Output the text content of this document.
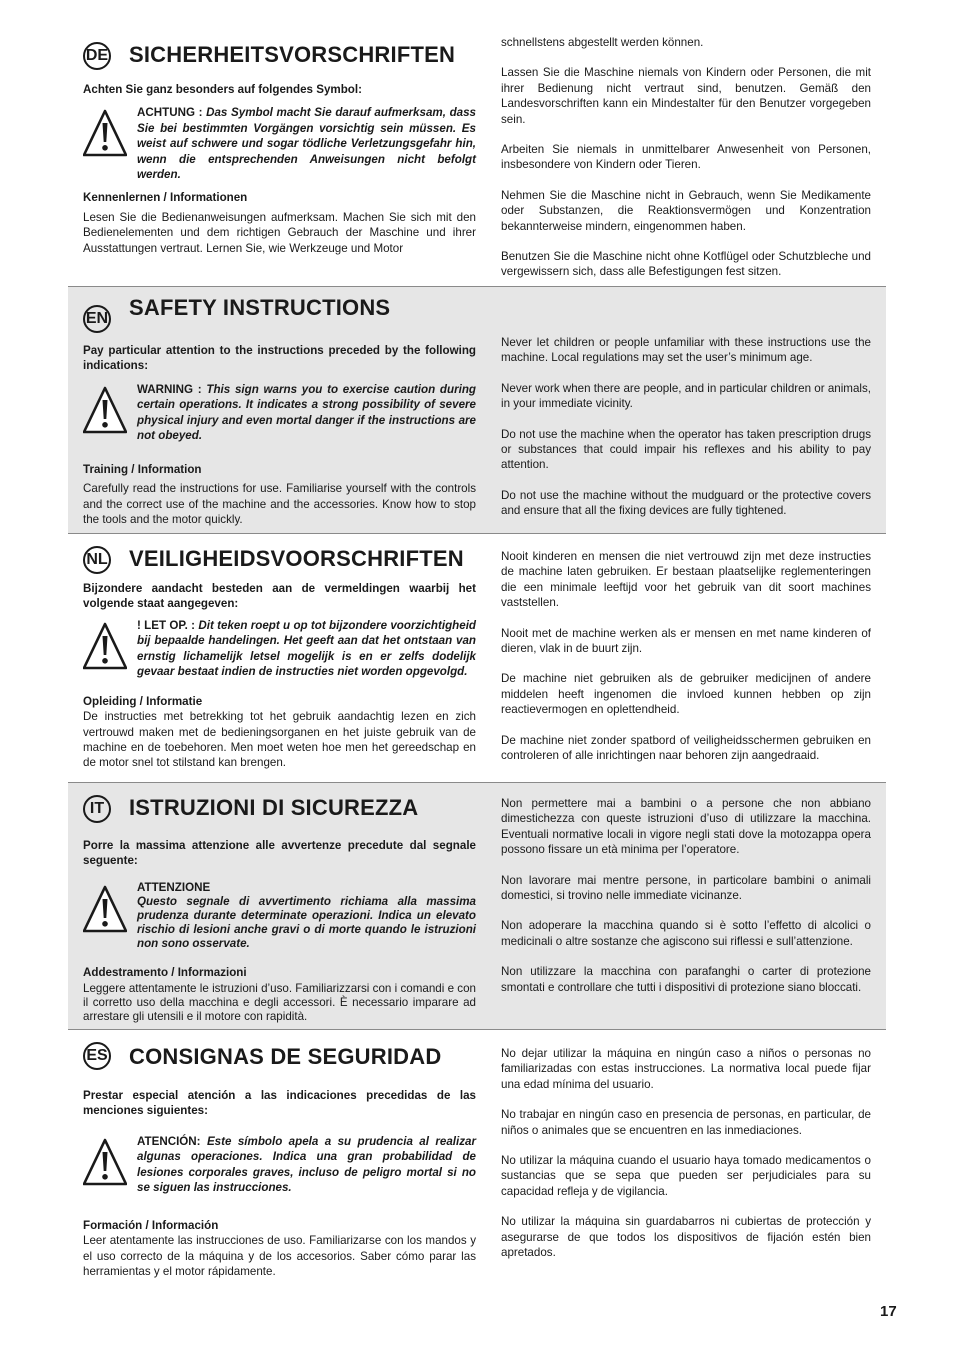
DE SICHERHEITSVORSCHRIFTEN

Achten Sie ganz besonders auf folgendes Symbol:

ACHTUNG : Das Symbol macht Sie darauf aufmerksam, dass Sie bei bestimmten Vorgängen vorsichtig sein müssen. Es weist auf schwere und sogar tödliche Verletzungsgefahr hin, wenn die entsprechenden Anweisungen nicht befolgt werden.
Kennenlernen / Informationen

Lesen Sie die Bedienanweisungen aufmerksam. Machen Sie sich mit den Bedienelementen und dem richtigen Gebrauch der Maschine und ihrer Ausstattungen vertraut. Lernen Sie, wie Werkzeuge und Motor

schnellstens abgestellt werden können.

Lassen Sie die Maschine niemals von Kindern oder Personen, die mit ihrer Bedienung nicht vertraut sind, benutzen. Gemäß den Landesvorschriften kann ein Mindestalter für den Benutzer vorgegeben sein.

Arbeiten Sie niemals in unmittelbarer Anwesenheit von Personen, insbesondere von Kindern oder Tieren.

Nehmen Sie die Maschine nicht in Gebrauch, wenn Sie Medikamente oder Substanzen, die Reaktionsvermögen und Konzentration bekannterweise mindern, eingenommen haben.

Benutzen Sie die Maschine nicht ohne Kotflügel oder Schutzbleche und vergewissern sich, dass alle Befestigungen fest sitzen.

EN SAFETY INSTRUCTIONS

Pay particular attention to the instructions preceded by the following indications:

WARNING : This sign warns you to exercise caution during certain operations. It indicates a strong possibility of severe physical injury and even mortal danger if the instructions are not obeyed.
Training / Information

Carefully read the instructions for use. Familiarise yourself with the controls and the correct use of the machine and the accessories. Know how to stop the tools and the motor quickly.

Never let children or people unfamiliar with these instructions use the machine. Local regulations may set the user’s minimum age.

Never work when there are people, and in particular children or animals, in your immediate vicinity.

Do not use the machine when the operator has taken prescription drugs or substances that could impair his reflexes and his ability to pay attention.

Do not use the machine without the mudguard or the protective covers and ensure that all the fixing devices are fully tightened.

NL VEILIGHEIDSVOORSCHRIFTEN

Bijzondere aandacht besteden aan de vermeldingen waarbij het volgende staat aangegeven:

! LET OP. : Dit teken roept u op tot bijzondere voorzichtigheid bij bepaalde handelingen. Het geeft aan dat het ontstaan van ernstig lichamelijk letsel mogelijk is en er zelfs dodelijk gevaar bestaat indien de instructies niet worden opgevolgd.
Opleiding / Informatie

De instructies met betrekking tot het gebruik aandachtig lezen en zich vertrouwd maken met de bedieningsorganen en het juiste gebruik van de machine en de toebehoren. Men moet weten hoe men het gereedschap en de motor snel tot stilstand kan brengen.

Nooit kinderen en mensen die niet vertrouwd zijn met deze instructies de machine laten gebruiken. Er bestaan plaatselijke reglementeringen die een minimale leeftijd voor het gebruik van dit soort machines vaststellen.

Nooit met de machine werken als er mensen en met name kinderen of dieren, vlak in de buurt zijn.

De machine niet gebruiken als de gebruiker medicijnen of andere middelen heeft ingenomen die invloed kunnen hebben op zijn reactievermogen en oplettendheid.

De machine niet zonder spatbord of veiligheidsschermen gebruiken en controleren of alle inrichtingen naar behoren zijn aangedraaid.

IT	ISTRUZIONI DI SICUREZZA

Porre la massima attenzione alle avvertenze precedute dal segnale seguente:

ATTENZIONE
Questo segnale di avvertimento richiama alla massima prudenza durante determinate operazioni. Indica un elevato rischio di lesioni anche gravi o di morte quando le istruzioni non sono osservate.
Addestramento / Informazioni

Leggere attentamente le istruzioni d’uso. Familiarizzarsi con i comandi e con il corretto uso della macchina e degli accessori. È necessario imparare ad arrestare gli utensili e il motore con rapidità.

Non permettere mai a bambini o a persone che non abbiano dimestichezza con queste istruzioni d’uso di utilizzare la macchina. Eventuali normative locali in vigore negli stati dove la motozappa opera possono fissare un età minima per l’operatore.

Non lavorare mai mentre persone, in particolare bambini o animali domestici, si trovino nelle immediate vicinanze.

Non adoperare la macchina quando si è sotto l’effetto di alcolici o medicinali o altre sostanze che agiscono sui riflessi e sull’attenzione.

Non utilizzare la macchina con parafanghi o carter di protezione smontati e controllare che tutti i dispositivi di protezione siano bloccati.

ES CONSIGNAS DE SEGURIDAD

Prestar especial atención a las indicaciones precedidas de las menciones siguientes:

ATENCIÓN: Este símbolo apela a su prudencia al realizar algunas operaciones. Indica una gran probabilidad de lesiones corporales graves, incluso de peligro mortal si no se siguen las instrucciones.
Formación / Información

Leer atentamente las instrucciones de uso. Familiarizarse con los mandos y el uso correcto de la máquina y de los accesorios. Saber cómo parar las herramientas y el motor rápidamente.

No dejar utilizar la máquina en ningún caso a niños o personas no familiarizadas con estas instrucciones. La normativa local puede fijar una edad mínima del usuario.

No trabajar en ningún caso en presencia de personas, en particular, de niños o animales que se encuentren en las inmediaciones.

No utilizar la máquina cuando el usuario haya tomado medicamentos o sustancias que se sepa que pueden ser perjudiciales para su capacidad refleja y de vigilancia.

No utilizar la máquina sin guardabarros ni cubiertas de protección y asegurarse de que todos los dispositivos de fijación estén bien apretados.

17
